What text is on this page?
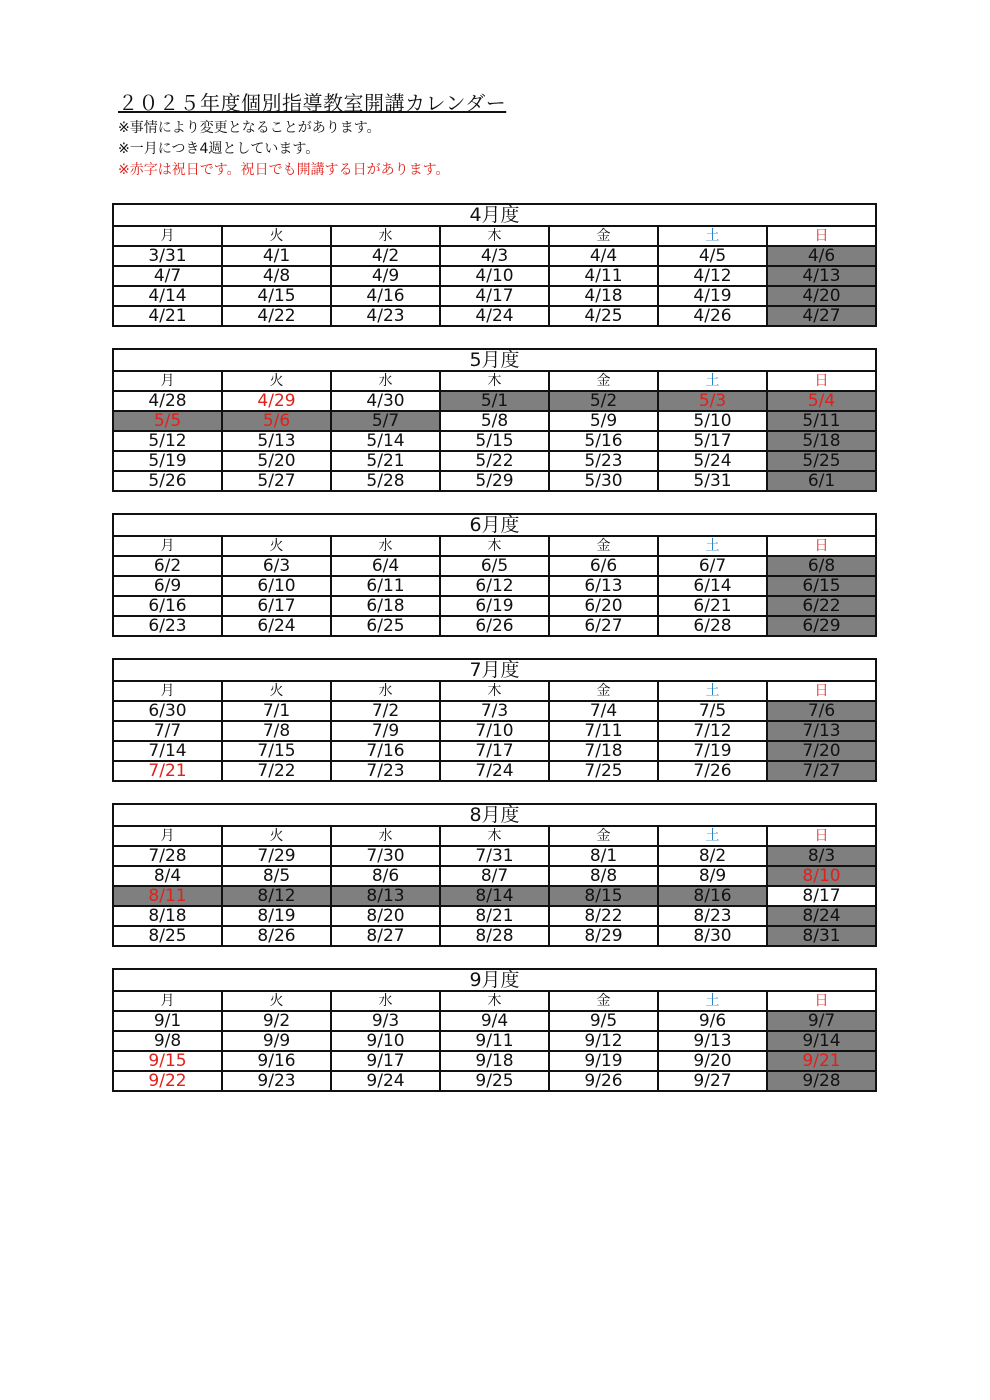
２０２５年度個別指導教室開講カレンダー
※事情により変更となることがあります。
※一月につき4週としています。
※赤字は祝日です。祝日でも開講する日があります。
4月度						
月	火	水	木	金	土	日
3/31	4/1	4/2	4/3	4/4	4/5	4/6
4/7	4/8	4/9	4/10	4/11	4/12	4/13
4/14	4/15	4/16	4/17	4/18	4/19	4/20
4/21	4/22	4/23	4/24	4/25	4/26	4/27
5月度						
月	火	水	木	金	土	日
4/28	4/29	4/30	5/1	5/2	5/3	5/4
5/5	5/6	5/7	5/8	5/9	5/10	5/11
5/12	5/13	5/14	5/15	5/16	5/17	5/18
5/19	5/20	5/21	5/22	5/23	5/24	5/25
5/26	5/27	5/28	5/29	5/30	5/31	6/1
6月度						
月	火	水	木	金	土	日
6/2	6/3	6/4	6/5	6/6	6/7	6/8
6/9	6/10	6/11	6/12	6/13	6/14	6/15
6/16	6/17	6/18	6/19	6/20	6/21	6/22
6/23	6/24	6/25	6/26	6/27	6/28	6/29
7月度						
月	火	水	木	金	土	日
6/30	7/1	7/2	7/3	7/4	7/5	7/6
7/7	7/8	7/9	7/10	7/11	7/12	7/13
7/14	7/15	7/16	7/17	7/18	7/19	7/20
7/21	7/22	7/23	7/24	7/25	7/26	7/27
8月度						
月	火	水	木	金	土	日
7/28	7/29	7/30	7/31	8/1	8/2	8/3
8/4	8/5	8/6	8/7	8/8	8/9	8/10
8/11	8/12	8/13	8/14	8/15	8/16	8/17
8/18	8/19	8/20	8/21	8/22	8/23	8/24
8/25	8/26	8/27	8/28	8/29	8/30	8/31
9月度						
月	火	水	木	金	土	日
9/1	9/2	9/3	9/4	9/5	9/6	9/7
9/8	9/9	9/10	9/11	9/12	9/13	9/14
9/15	9/16	9/17	9/18	9/19	9/20	9/21
9/22	9/23	9/24	9/25	9/26	9/27	9/28
